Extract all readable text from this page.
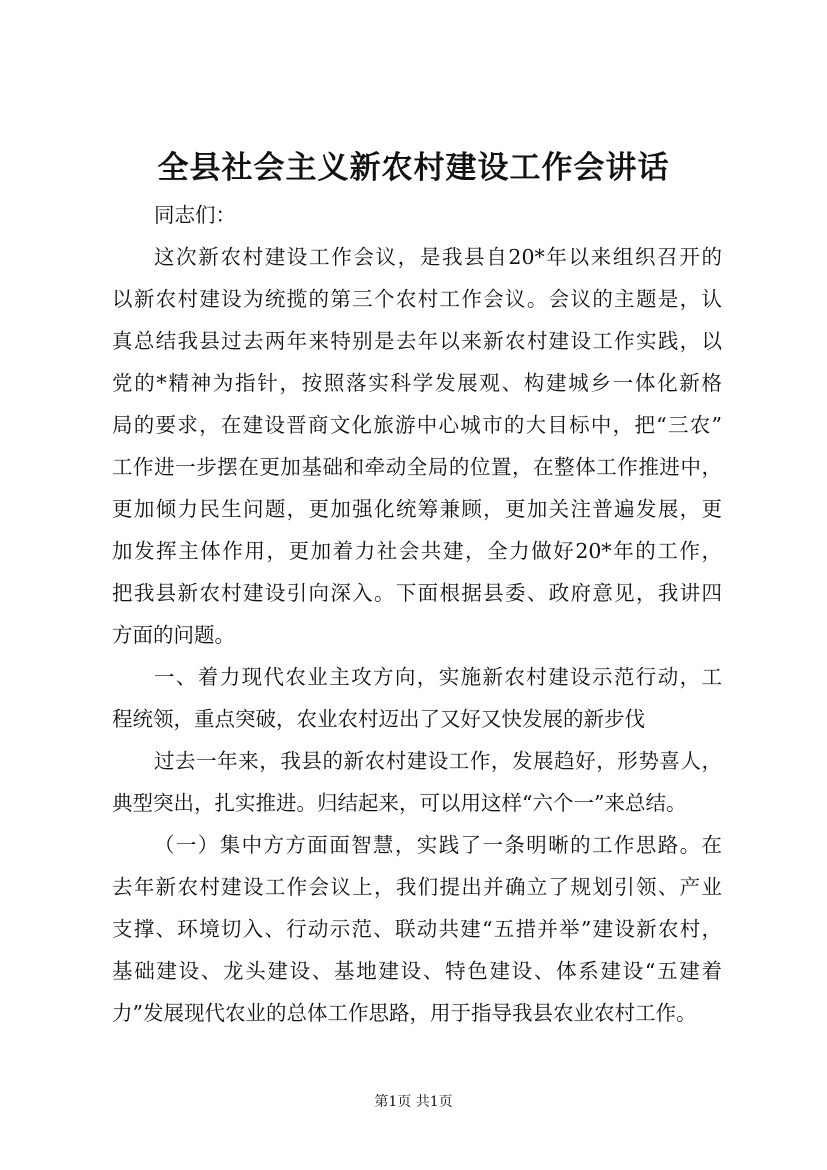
全县社会主义新农村建设工作会讲话
同志们：
这次新农村建设工作会议，是我县自20*年以来组织召开的
以新农村建设为统揽的第三个农村工作会议。会议的主题是，认
真总结我县过去两年来特别是去年以来新农村建设工作实践，以
党的*精神为指针，按照落实科学发展观、构建城乡一体化新格
局的要求，在建设晋商文化旅游中心城市的大目标中，把“三农”
工作进一步摆在更加基础和牵动全局的位置，在整体工作推进中，
更加倾力民生问题，更加强化统筹兼顾，更加关注普遍发展，更
加发挥主体作用，更加着力社会共建，全力做好20*年的工作，
把我县新农村建设引向深入。下面根据县委、政府意见，我讲四
方面的问题。
一、着力现代农业主攻方向，实施新农村建设示范行动，工
程统领，重点突破，农业农村迈出了又好又快发展的新步伐
过去一年来，我县的新农村建设工作，发展趋好，形势喜人，
典型突出，扎实推进。归结起来，可以用这样“六个一”来总结。
（一）集中方方面面智慧，实践了一条明晰的工作思路。在
去年新农村建设工作会议上，我们提出并确立了规划引领、产业
支撑、环境切入、行动示范、联动共建“五措并举”建设新农村，
基础建设、龙头建设、基地建设、特色建设、体系建设“五建着
力”发展现代农业的总体工作思路，用于指导我县农业农村工作。
第1页 共1页
